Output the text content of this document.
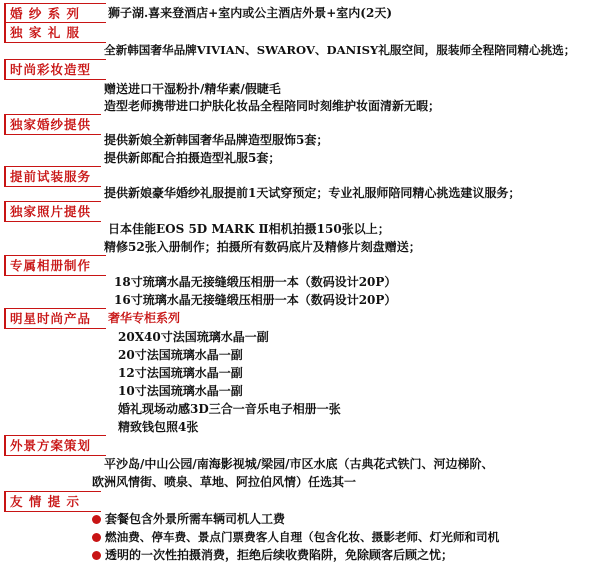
婚 纱 系 列	狮子湖.喜来登酒店+室内或公主酒店外景+室内(2天)
独 家 礼 服
全新韩国奢华品牌VIVIAN、SWAROV、DANISY礼服空间，服装师全程陪同精心挑选；
时尚彩妆造型
赠送进口干湿粉扑/精华素/假睫毛
造型老师携带进口护肤化妆品全程陪同时刻维护妆面清新无暇；
独家婚纱提供
提供新娘全新韩国奢华品牌造型服饰5套；
提供新郎配合拍摄造型礼服5套；
提前试装服务
提供新娘豪华婚纱礼服提前1天试穿预定；专业礼服师陪同精心挑选建议服务；
独家照片提供
日本佳能EOS 5D MARK Ⅱ相机拍摄150张以上；
精修52张入册制作；拍摄所有数码底片及精修片刻盘赠送；
专属相册制作
18寸琉璃水晶无接缝缎压相册一本（数码设计20P）
16寸琉璃水晶无接缝缎压相册一本（数码设计20P）
明星时尚产品	奢华专柜系列
20X40寸法国琉璃水晶一副
20寸法国琉璃水晶一副
12寸法国琉璃水晶一副
10寸法国琉璃水晶一副
婚礼现场动感3D三合一音乐电子相册一张
精致钱包照4张
外景方案策划
平沙岛/中山公园/南海影视城/梁园/市区水底（古典花式铁门、河边梯阶、
欧洲风情街、喷泉、草地、阿拉伯风情）任选其一
友 情 提 示
套餐包含外景所需车辆司机人工费
燃油费、停车费、景点门票费客人自理（包含化妆、摄影老师、灯光师和司机
透明的一次性拍摄消费，拒绝后续收费陷阱，免除顾客后顾之忧；
